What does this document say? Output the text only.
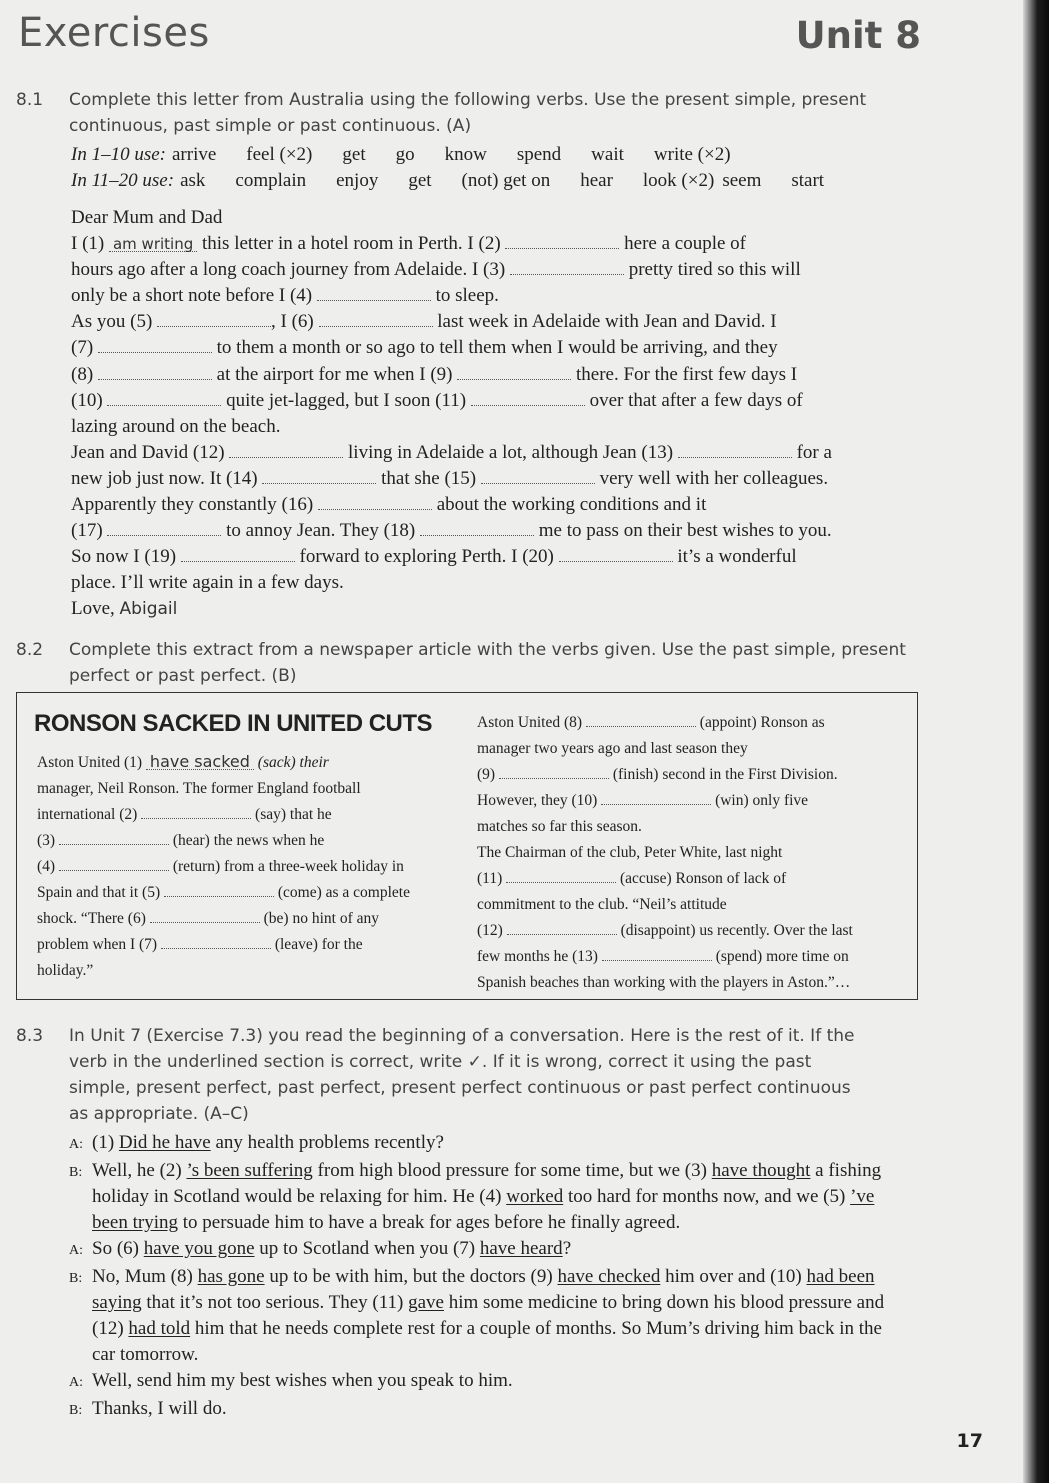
Exercises	Unit 8
8.1 Complete this letter from Australia using the following verbs. Use the present simple, present continuous, past simple or past continuous. (A)
In 1–10 use: arrive feel (×2) get go know spend wait write (×2)
In 11–20 use: ask complain enjoy get (not) get on hear look (×2) seem start
Dear Mum and Dad
I (1) am writing this letter in a hotel room in Perth. I (2)	here a couple of
hours ago after a long coach journey from Adelaide. I (3)	pretty tired so this will
only be a short note before I (4)	to sleep.
As you (5)	, I (6)	last week in Adelaide with Jean and David. I
(7)	to them a month or so ago to tell them when I would be arriving, and they
(8)	at the airport for me when I (9)	there. For the first few days I
(10)	quite jet-lagged, but I soon (11)	over that after a few days of
lazing around on the beach.
Jean and David (12)	living in Adelaide a lot, although Jean (13)	for a
new job just now. It (14)	that she (15)	very well with her colleagues.
Apparently they constantly (16)	about the working conditions and it
(17)	to annoy Jean. They (18)	me to pass on their best wishes to you.
So now I (19)	forward to exploring Perth. I (20)	it’s a wonderful
place. I’ll write again in a few days.
Love, Abigail
8.2 Complete this extract from a newspaper article with the verbs given. Use the past simple, present perfect or past perfect. (B)
RONSON SACKED IN UNITED CUTS
Aston United (1) have sacked (sack) their
manager, Neil Ronson. The former England football
international (2)	(say) that he
(3)	(hear) the news when he
(4)	(return) from a three-week holiday in
Spain and that it (5)	(come) as a complete
shock. “There (6)	(be) no hint of any
problem when I (7)	(leave) for the
holiday.”
Aston United (8)	(appoint) Ronson as
manager two years ago and last season they
(9)	(finish) second in the First Division.
However, they (10)	(win) only five
matches so far this season.
The Chairman of the club, Peter White, last night
(11)	(accuse) Ronson of lack of
commitment to the club. “Neil’s attitude
(12)	(disappoint) us recently. Over the last
few months he (13)	(spend) more time on
Spanish beaches than working with the players in Aston.”…
8.3 In Unit 7 (Exercise 7.3) you read the beginning of a conversation. Here is the rest of it. If the verb in the underlined section is correct, write ✓. If it is wrong, correct it using the past simple, present perfect, past perfect, present perfect continuous or past perfect continuous as appropriate. (A–C)
A: (1) Did he have any health problems recently?
B: Well, he (2) ’s been suffering from high blood pressure for some time, but we (3) have thought a fishing holiday in Scotland would be relaxing for him. He (4) worked too hard for months now, and we (5) ’ve been trying to persuade him to have a break for ages before he finally agreed.
A: So (6) have you gone up to Scotland when you (7) have heard?
B: No, Mum (8) has gone up to be with him, but the doctors (9) have checked him over and (10) had been saying that it’s not too serious. They (11) gave him some medicine to bring down his blood pressure and (12) had told him that he needs complete rest for a couple of months. So Mum’s driving him back in the car tomorrow.
A: Well, send him my best wishes when you speak to him.
B: Thanks, I will do.
17
